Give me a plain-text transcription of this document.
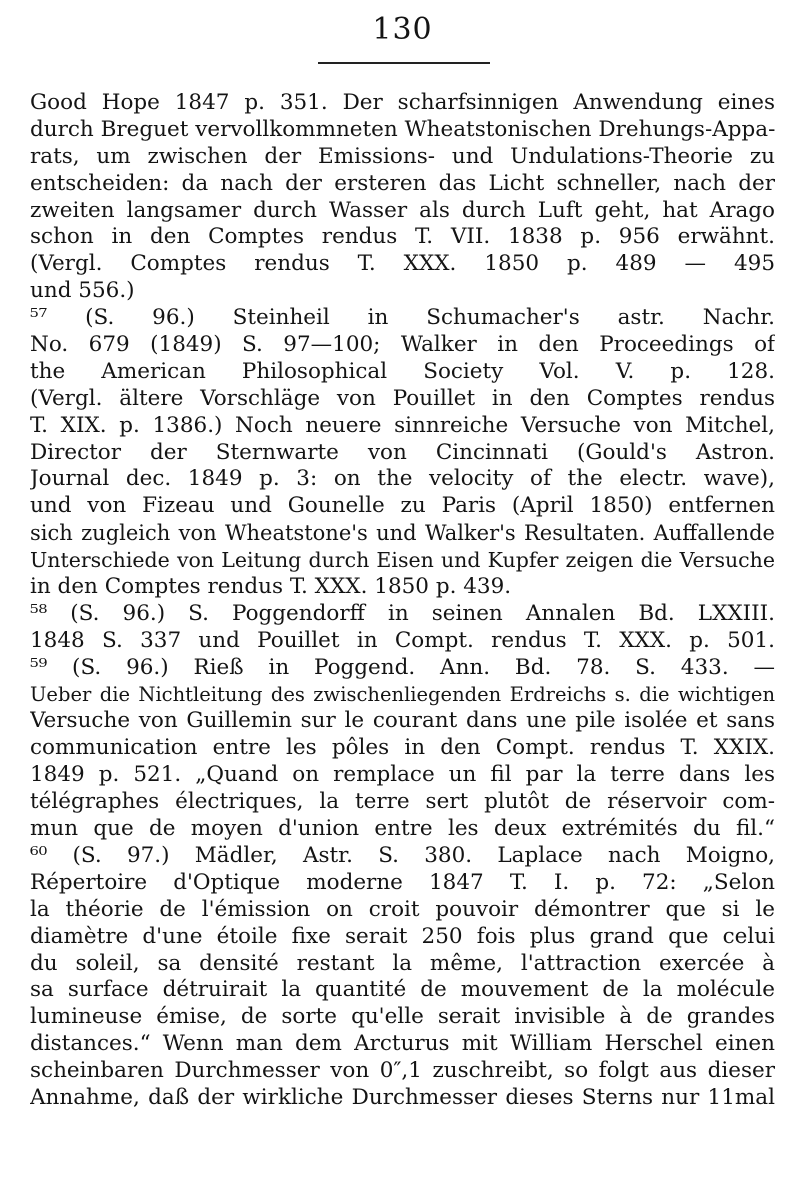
130
Good Hope 1847 p. 351. Der scharfsinnigen Anwendung eines
durch Breguet vervollkommneten Wheatstonischen Drehungs-Appa-
rats, um zwischen der Emissions- und Undulations-Theorie zu
entscheiden: da nach der ersteren das Licht schneller, nach der
zweiten langsamer durch Wasser als durch Luft geht, hat Arago
schon in den Comptes rendus T. VII. 1838 p. 956 erwähnt.
(Vergl. Comptes rendus T. XXX. 1850 p. 489 — 495
und 556.)
⁵⁷ (S. 96.) Steinheil in Schumacher's astr. Nachr.
No. 679 (1849) S. 97—100; Walker in den Proceedings of
the American Philosophical Society Vol. V. p. 128.
(Vergl. ältere Vorschläge von Pouillet in den Comptes rendus
T. XIX. p. 1386.) Noch neuere sinnreiche Versuche von Mitchel,
Director der Sternwarte von Cincinnati (Gould's Astron.
Journal dec. 1849 p. 3: on the velocity of the electr. wave),
und von Fizeau und Gounelle zu Paris (April 1850) entfernen
sich zugleich von Wheatstone's und Walker's Resultaten. Auffallende
Unterschiede von Leitung durch Eisen und Kupfer zeigen die Versuche
in den Comptes rendus T. XXX. 1850 p. 439.
⁵⁸ (S. 96.) S. Poggendorff in seinen Annalen Bd. LXXIII.
1848 S. 337 und Pouillet in Compt. rendus T. XXX. p. 501.
⁵⁹ (S. 96.) Rieß in Poggend. Ann. Bd. 78. S. 433. —
Ueber die Nichtleitung des zwischenliegenden Erdreichs s. die wichtigen
Versuche von Guillemin sur le courant dans une pile isolée et sans
communication entre les pôles in den Compt. rendus T. XXIX.
1849 p. 521. „Quand on remplace un fil par la terre dans les
télégraphes électriques, la terre sert plutôt de réservoir com-
mun que de moyen d'union entre les deux extrémités du fil.“
⁶⁰ (S. 97.) Mädler, Astr. S. 380. Laplace nach Moigno,
Répertoire d'Optique moderne 1847 T. I. p. 72: „Selon
la théorie de l'émission on croit pouvoir démontrer que si le
diamètre d'une étoile fixe serait 250 fois plus grand que celui
du soleil, sa densité restant la même, l'attraction exercée à
sa surface détruirait la quantité de mouvement de la molécule
lumineuse émise, de sorte qu'elle serait invisible à de grandes
distances.“ Wenn man dem Arcturus mit William Herschel einen
scheinbaren Durchmesser von 0″,1 zuschreibt, so folgt aus dieser
Annahme, daß der wirkliche Durchmesser dieses Sterns nur 11mal
